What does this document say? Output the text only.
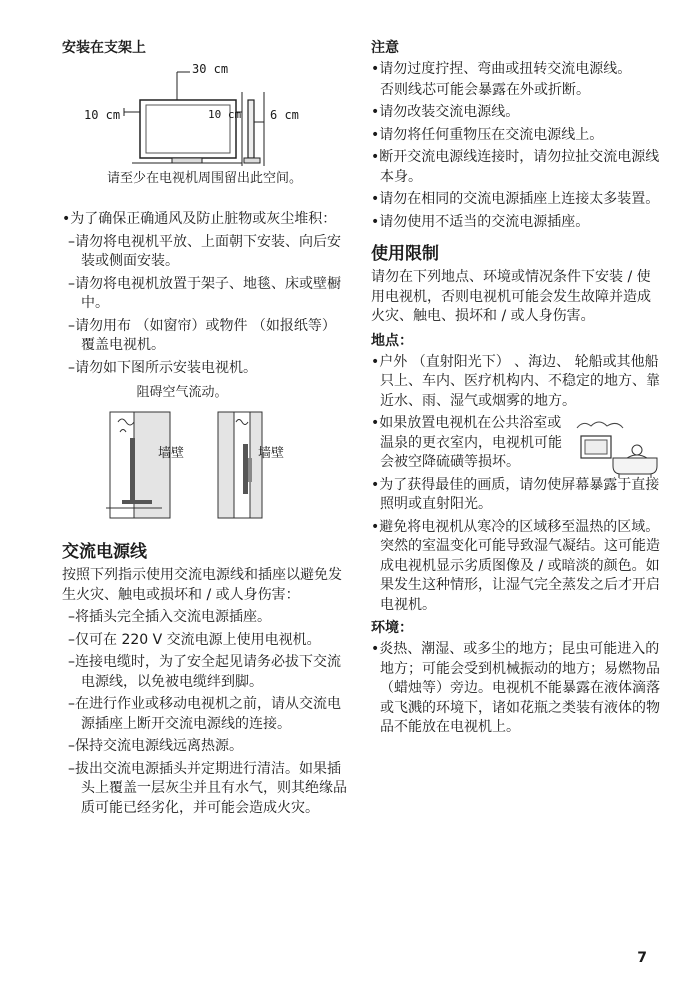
安装在支架上
30 cm
10 cm	10 cm 6 cm
请至少在电视机周围留出此空间。
•为了确保正确通风及防止脏物或灰尘堆积：
–请勿将电视机平放、上面朝下安装、向后安装或侧面安装。
–请勿将电视机放置于架子、地毯、床或壁橱中。
–请勿用布 （如窗帘）或物件 （如报纸等）覆盖电视机。
–请勿如下图所示安装电视机。
阻碍空气流动。
墙壁	墙壁
交流电源线
按照下列指示使用交流电源线和插座以避免发生火灾、触电或损坏和 / 或人身伤害：
–将插头完全插入交流电源插座。
–仅可在 220 V 交流电源上使用电视机。
–连接电缆时，为了安全起见请务必拔下交流电源线，以免被电缆绊到脚。
–在进行作业或移动电视机之前，请从交流电源插座上断开交流电源线的连接。
–保持交流电源线远离热源。
–拔出交流电源插头并定期进行清洁。如果插头上覆盖一层灰尘并且有水气，则其绝缘品质可能已经劣化，并可能会造成火灾。
注意
•请勿过度拧捏、弯曲或扭转交流电源线。
否则线芯可能会暴露在外或折断。
•请勿改装交流电源线。
•请勿将任何重物压在交流电源线上。
•断开交流电源线连接时，请勿拉扯交流电源线本身。
•请勿在相同的交流电源插座上连接太多装置。
•请勿使用不适当的交流电源插座。
使用限制
请勿在下列地点、环境或情况条件下安装 / 使用电视机，否则电视机可能会发生故障并造成火灾、触电、损坏和 / 或人身伤害。
地点：
•户外 （直射阳光下） 、海边、 轮船或其他船只上、车内、医疗机构内、不稳定的地方、靠近水、雨、湿气或烟雾的地方。
•如果放置电视机在公共浴室或温泉的更衣室内，电视机可能会被空降硫磺等损坏。
•为了获得最佳的画质，请勿使屏幕暴露于直接照明或直射阳光。
•避免将电视机从寒冷的区域移至温热的区域。突然的室温变化可能导致湿气凝结。这可能造成电视机显示劣质图像及 / 或暗淡的颜色。如果发生这种情形，让湿气完全蒸发之后才开启电视机。
环境：
•炎热、潮湿、或多尘的地方；昆虫可能进入的地方；可能会受到机械振动的地方；易燃物品 （蜡烛等）旁边。电视机不能暴露在液体滴落或飞溅的环境下，诸如花瓶之类装有液体的物品不能放在电视机上。
7
